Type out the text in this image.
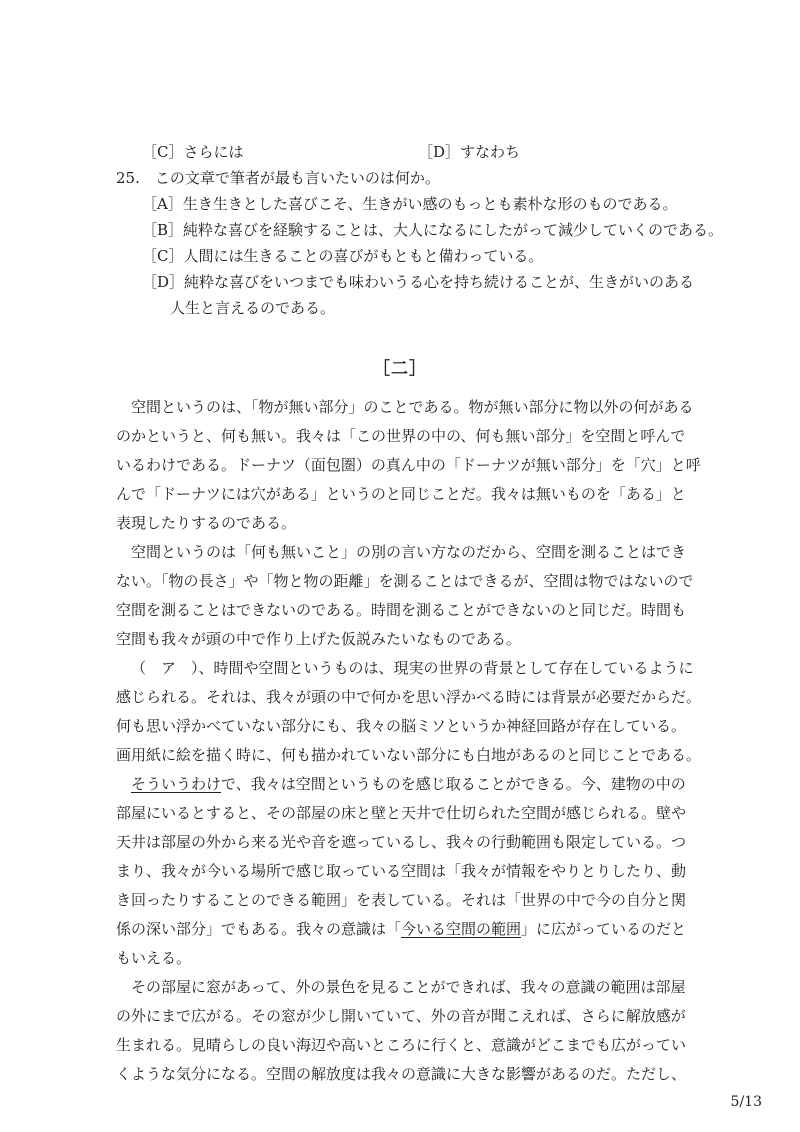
［C］さらには	［D］すなわち
25.　この文章で筆者が最も言いたいのは何か。
［A］生き生きとした喜びこそ、生きがい感のもっとも素朴な形のものである。
［B］純粋な喜びを経験することは、大人になるにしたがって減少していくのである。
［C］人間には生きることの喜びがもともと備わっている。
［D］純粋な喜びをいつまでも味わいうる心を持ち続けることが、生きがいのある
人生と言えるのである。
［二］
空間というのは、「物が無い部分」のことである。物が無い部分に物以外の何がある
のかというと、何も無い。我々は「この世界の中の、何も無い部分」を空間と呼んで
いるわけである。ドーナツ（面包圏）の真ん中の「ドーナツが無い部分」を「穴」と呼
んで「ドーナツには穴がある」というのと同じことだ。我々は無いものを「ある」と
表現したりするのである。
空間というのは「何も無いこと」の別の言い方なのだから、空間を測ることはでき
ない。「物の長さ」や「物と物の距離」を測ることはできるが、空間は物ではないので
空間を測ることはできないのである。時間を測ることができないのと同じだ。時間も
空間も我々が頭の中で作り上げた仮説みたいなものである。
（　ア　）、時間や空間というものは、現実の世界の背景として存在しているように
感じられる。それは、我々が頭の中で何かを思い浮かべる時には背景が必要だからだ。
何も思い浮かべていない部分にも、我々の脳ミソというか神経回路が存在している。
画用紙に絵を描く時に、何も描かれていない部分にも白地があるのと同じことである。
そういうわけで、我々は空間というものを感じ取ることができる。今、建物の中の
部屋にいるとすると、その部屋の床と壁と天井で仕切られた空間が感じられる。壁や
天井は部屋の外から来る光や音を遮っているし、我々の行動範囲も限定している。つ
まり、我々が今いる場所で感じ取っている空間は「我々が情報をやりとりしたり、動
き回ったりすることのできる範囲」を表している。それは「世界の中で今の自分と関
係の深い部分」でもある。我々の意識は「今いる空間の範囲」に広がっているのだと
もいえる。
その部屋に窓があって、外の景色を見ることができれば、我々の意識の範囲は部屋
の外にまで広がる。その窓が少し開いていて、外の音が聞こえれば、さらに解放感が
生まれる。見晴らしの良い海辺や高いところに行くと、意識がどこまでも広がってい
くような気分になる。空間の解放度は我々の意識に大きな影響があるのだ。ただし、
5/13
